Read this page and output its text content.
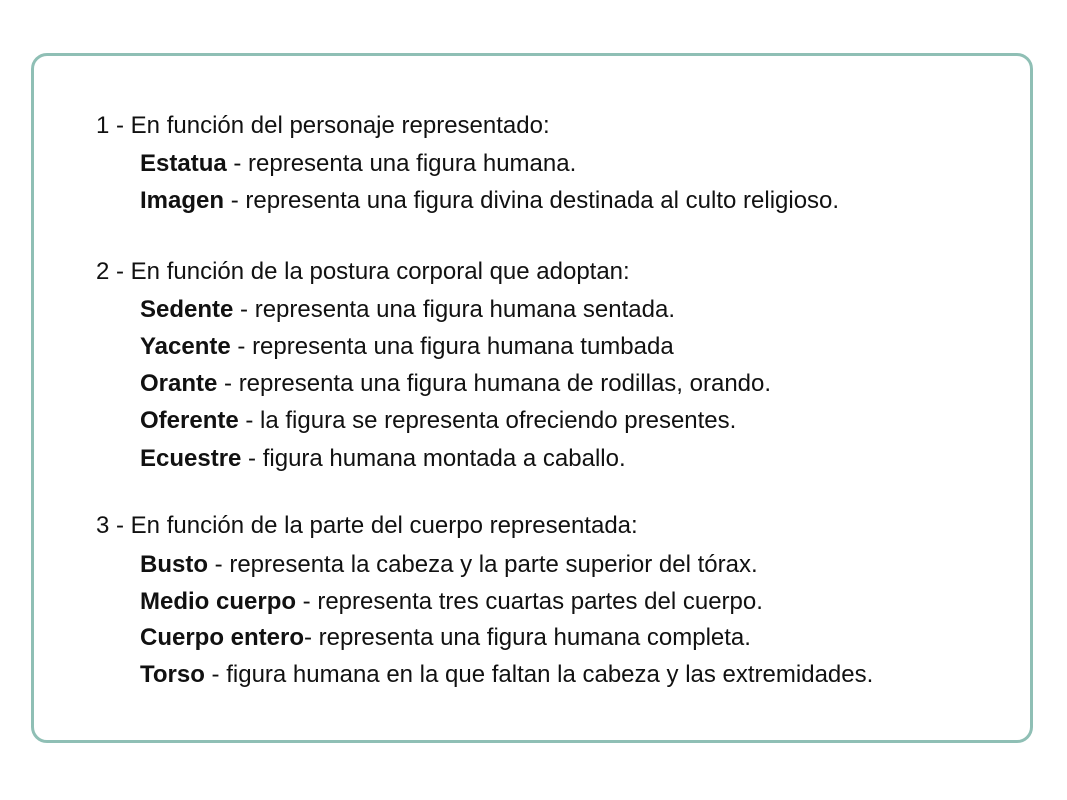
1 - En función del personaje representado:

Estatua - representa una figura humana.
Imagen - representa una figura divina destinada al culto religioso.

2 - En función de la postura corporal que adoptan:

Sedente - representa una figura humana sentada.
Yacente - representa una figura humana tumbada
Orante - representa una figura humana de rodillas, orando.
Oferente - la figura se representa ofreciendo presentes.
Ecuestre - figura humana montada a caballo.

3 - En función de la parte del cuerpo representada:

Busto - representa la cabeza y la parte superior del tórax.
Medio cuerpo - representa tres cuartas partes del cuerpo.
Cuerpo entero- representa una figura humana completa.
Torso - figura humana en la que faltan la cabeza y las extremidades.
